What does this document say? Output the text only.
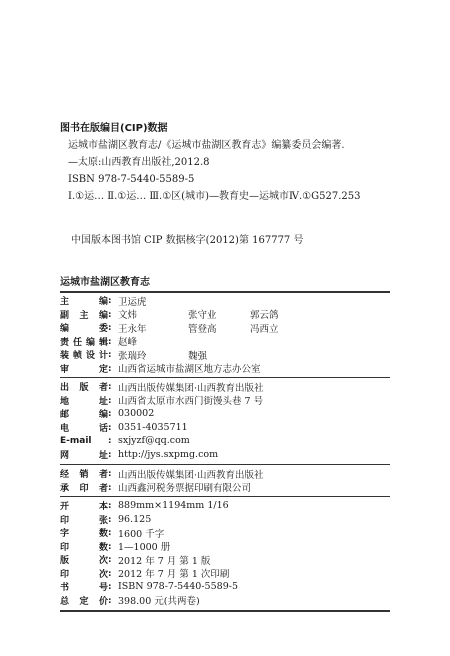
图书在版编目(CIP)数据
运城市盐湖区教育志/《运城市盐湖区教育志》编纂委员会编著.
—太原:山西教育出版社,2012.8
ISBN 978-7-5440-5589-5
Ⅰ.①运… Ⅱ.①运… Ⅲ.①区(城市)—教育史—运城市Ⅳ.①G527.253
中国版本图书馆 CIP 数据核字(2012)第 167777 号
运城市盐湖区教育志
主编 : 卫运虎
副主编 : 文炜	张守业	郭云鸽
编委 : 王永年	管登高	冯西立
责任编辑 : 赵峰
装帧设计 : 张瑞玲	魏强
审定 : 山西省运城市盐湖区地方志办公室
出版者 : 山西出版传媒集团·山西教育出版社
地址 : 山西省太原市水西门街馒头巷 7 号
邮编 : 030002
电话 : 0351-4035711
E-mail	: sxjyzf@qq.com
网址 : http://jys.sxpmg.com
经销者 : 山西出版传媒集团·山西教育出版社
承印者 : 山西鑫河税务票据印刷有限公司
开本 : 889mm×1194mm 1/16
印张 : 96.125
字数 : 1600 千字
印数 : 1—1000 册
版次 : 2012 年 7 月 第 1 版
印次 : 2012 年 7 月 第 1 次印刷
书号 : ISBN 978-7-5440-5589-5
总定价 : 398.00 元(共两卷)
